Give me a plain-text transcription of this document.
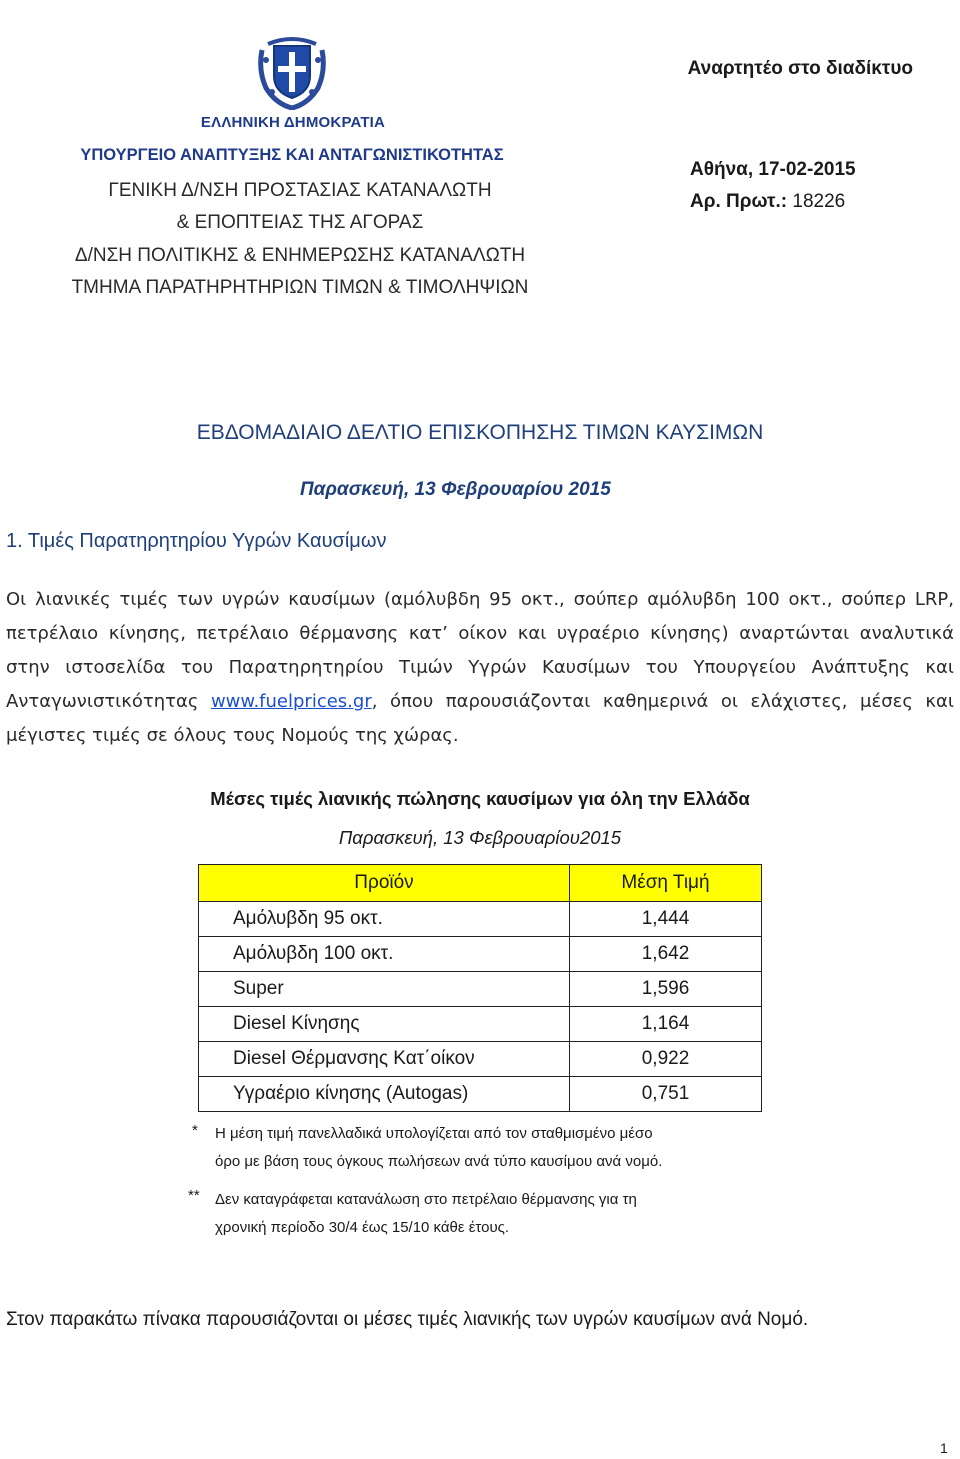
ΕΛΛΗΝΙΚΗ ΔΗΜΟΚΡΑΤΙΑ
ΥΠΟΥΡΓΕΙΟ ΑΝΑΠΤΥΞΗΣ ΚΑΙ ΑΝΤΑΓΩΝΙΣΤΙΚΟΤΗΤΑΣ
ΓΕΝΙΚΗ Δ/ΝΣΗ ΠΡΟΣΤΑΣΙΑΣ ΚΑΤΑΝΑΛΩΤΗ
& ΕΠΟΠΤΕΙΑΣ ΤΗΣ ΑΓΟΡΑΣ
Δ/ΝΣΗ ΠΟΛΙΤΙΚΗΣ & ΕΝΗΜΕΡΩΣΗΣ ΚΑΤΑΝΑΛΩΤΗ
ΤΜΗΜΑ ΠΑΡΑΤΗΡΗΤΗΡΙΩΝ ΤΙΜΩΝ & ΤΙΜΟΛΗΨΙΩΝ
Αναρτητέο στο διαδίκτυο
Αθήνα, 17-02-2015
Αρ. Πρωτ.: 18226
ΕΒΔΟΜΑΔΙΑΙΟ ΔΕΛΤΙΟ ΕΠΙΣΚΟΠΗΣΗΣ ΤΙΜΩΝ ΚΑΥΣΙΜΩΝ
Παρασκευή, 13 Φεβρουαρίου 2015
1. Τιμές Παρατηρητηρίου Υγρών Καυσίμων
Οι λιανικές τιμές των υγρών καυσίμων (αμόλυβδη 95 οκτ., σούπερ αμόλυβδη 100 οκτ., σούπερ LRP, πετρέλαιο κίνησης, πετρέλαιο θέρμανσης κατ’ οίκον και υγραέριο κίνησης) αναρτώνται αναλυτικά στην ιστοσελίδα του Παρατηρητηρίου Τιμών Υγρών Καυσίμων του Υπουργείου Ανάπτυξης και Ανταγωνιστικότητας www.fuelprices.gr, όπου παρουσιάζονται καθημερινά οι ελάχιστες, μέσες και μέγιστες τιμές σε όλους τους Νομούς της χώρας.
Μέσες τιμές λιανικής πώλησης καυσίμων για όλη την Ελλάδα
Παρασκευή, 13 Φεβρουαρίου2015
Προϊόν	Μέση Τιμή
Αμόλυβδη 95 οκτ.	1,444
Αμόλυβδη 100 οκτ.	1,642
Super	1,596
Diesel Κίνησης	1,164
Diesel Θέρμανσης Κατ΄οίκον	0,922
Υγραέριο κίνησης (Autogas)	0,751
* Η μέση τιμή πανελλαδικά υπολογίζεται από τον σταθμισμένο μέσο
όρο με βάση τους όγκους πωλήσεων ανά τύπο καυσίμου ανά νομό.
** Δεν καταγράφεται κατανάλωση στο πετρέλαιο θέρμανσης για τη
χρονική περίοδο 30/4 έως 15/10 κάθε έτους.
Στον παρακάτω πίνακα παρουσιάζονται οι μέσες τιμές λιανικής των υγρών καυσίμων ανά Νομό.
1
